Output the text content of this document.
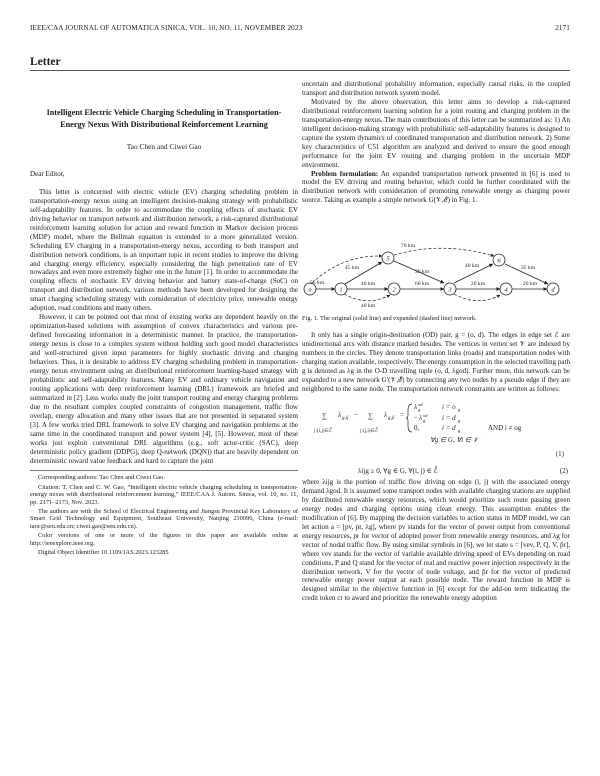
IEEE/CAA JOURNAL OF AUTOMATICA SINICA, VOL. 10, NO. 11, NOVEMBER 2023	2171
Letter
Intelligent Electric Vehicle Charging Scheduling in Transportation-Energy Nexus With Distributional Reinforcement Learning
Tao Chen and Ciwei Gao
Dear Editor,

This letter is concerned with electric vehicle (EV) charging scheduling problem in transportation-energy nexus using an intelligent decision-making strategy with probabilistic self-adaptability features. In order to accommodate the coupling effects of stochastic EV driving behavior on transport network and distribution network, a risk-captured distributional reinforcement learning solution for action and reward function in Markov decision process (MDP) model, where the Bellman equation is extended to a more generalized version. Scheduling EV charging in a transportation-energy nexus, according to both transport and distribution network conditions, is an important topic in recent studies to improve the driving and charging energy efficiency, especially considering the high penetration rate of EV nowadays and even more extremely higher one in the future [1]. In order to accommodate the coupling effects of stochastic EV driving behavior and battery state-of-charge (SoC) on transport and distribution network, various methods have been developed for designing the smart charging scheduling strategy with consideration of electricity price, renewable energy adoption, road conditions and many others.

However, it can be pointed out that most of existing works are dependent heavily on the optimization-based solutions with assumption of convex characteristics and various pre-defined forecasting information in a deterministic manner. In practice, the transportation-energy nexus is close to a complex system without holding such good model characteristics and well-structured given input parameters for highly stochastic driving and charging behaviors. Thus, it is desirable to address EV charging scheduling problem in transportation-energy nexus environment using an distributional reinforcement learning-based strategy with probabilistic and self-adaptability features. Many EV and ordinary vehicle navigation and routing applications with deep reinforcement learning (DRL) framework are briefed and summarized in [2]. Less works study the joint transport routing and energy charging problems due to the resultant complex coupled constraints of congestion management, traffic flow overlap, energy allocation and many other issues that are not presented in separated system [3]. A few works tried DRL framework to solve EV charging and navigation problems at the same time in the coordinated transport and power system [4], [5]. However, most of these works just exploit conventional DRL algorithms (e.g., soft actor-critic (SAC), deep deterministic policy gradient (DDPG), deep Q-network (DQN)) that are heavily dependent on deterministic reward value feedback and hard to capture the joint

Corresponding authors: Tao Chen and Ciwei Gao.

Citation: T. Chen and C. W. Gao, “Intelligent electric vehicle charging scheduling in transportation-energy nexus with distributional reinforcement learning,” IEEE/CAA J. Autom. Sinica, vol. 10, no. 11, pp. 2171–2173, Nov. 2023.

The authors are with the School of Electrical Engineering and Jiangsu Provincial Key Laboratory of Smart Grid Technology and Equipment, Southeast University, Nanjing 210096, China (e-mail: taoc@seu.edu.cn; ciwei.gao@seu.edu.cn).

Color versions of one or more of the figures in this paper are available online at http://ieeexplore.ieee.org.

Digital Object Identifier 10.1109/JAS.2023.123285

uncertain and distributional probability information, especially causal risks, in the coupled transport and distribution network system model.

Motivated by the above observation, this letter aims to develop a risk-captured distributional reinforcement learning solution for a joint routing and charging problem in the transportation-energy nexus. The main contributions of this letter can be summarized as: 1) An intelligent decision-making strategy with probabilistic self-adaptability features is designed to capture the system dynamics of coordinated transportation and distribution network. 2) Some key characteristics of C51 algorithm are analyzed and derived to ensure the good enough performance for the joint EV routing and charging problem in the uncertain MDP environment.

Problem formulation: An expanded transportation network presented in [6] is used to model the EV driving and routing behavior, which could be further coordinated with the distribution network with consideration of promoting renewable energy as charging power source. Taking as example a simple network G(𝒱,ℰ) in Fig. 1.

o	1	2	3	4
5	6
d
55 km
45 km
40 km
70 km
60 km
40 km	35 km
20 km
20 km
30 km
40 km
Fig. 1. The original (solid line) and expanded (dashed line) network.

It only has a single origin-destination (OD) pair, g = (o, d). The edges in edge set ℰ are unidirectional arcs with distance marked besides. The vertices in vertex set 𝒱 are indexed by numbers in the circles. They denote transportation links (roads) and transportation nodes with charging station available, respectively. The energy consumption in the selected travelling path g is denoted as λg in the O-D travelling tuple (o, d, λgod). Further more, this network can be expanded to a new network G′(𝒱,ℰ̂) by connecting any two nodes by a pseudo edge if they are neighbored to the same node. The transportation network constraints are written as follows:

∑
j:(i,j)∈ℰ̂
λ g,ij − ∑
j:(j,i)∈ℰ̂
λ g,ji =
λ od
g	i = o g
− λ od
g i = d g
0,	i = d g	AND i ≠ og
∀g ∈ G, ∀i ∈ 𝒱
(1)
λijg ≥ 0, ∀g ∈ G, ∀(i, j) ∈ ℰ̂	(2)

where λijg is the portion of traffic flow driving on edge (i, j) with the associated energy demand λgod. It is assumed some transport nodes with available charging stations are supplied by distributed renewable energy resources, which would prioritize such route passing green energy nodes and charging options using clean energy. This assumption enables the modification of [6]. By mapping the decision variables to action status in MDP model, we can let action a = [pv, pr, λg], where pv stands for the vector of power output from conventional energy resources, pr for vector of adopted power from renewable energy resources, and λg for vector of nodal traffic flow. By using similar symbols in [6], we let state s = [vev, P, Q, V, p̂r], where vev stands for the vector of variable available driving speed of EVs depending on road conditions, P and Q stand for the vector of real and reactive power injection respectively in the distribution network, V for the vector of node voltage, and p̂r for the vector of predicted renewable energy power output at each possible node. The reward function in MDP is designed similar to the objective function in [6] except for the add-on term indicating the credit token cr to award and prioritize the renewable energy adoption
